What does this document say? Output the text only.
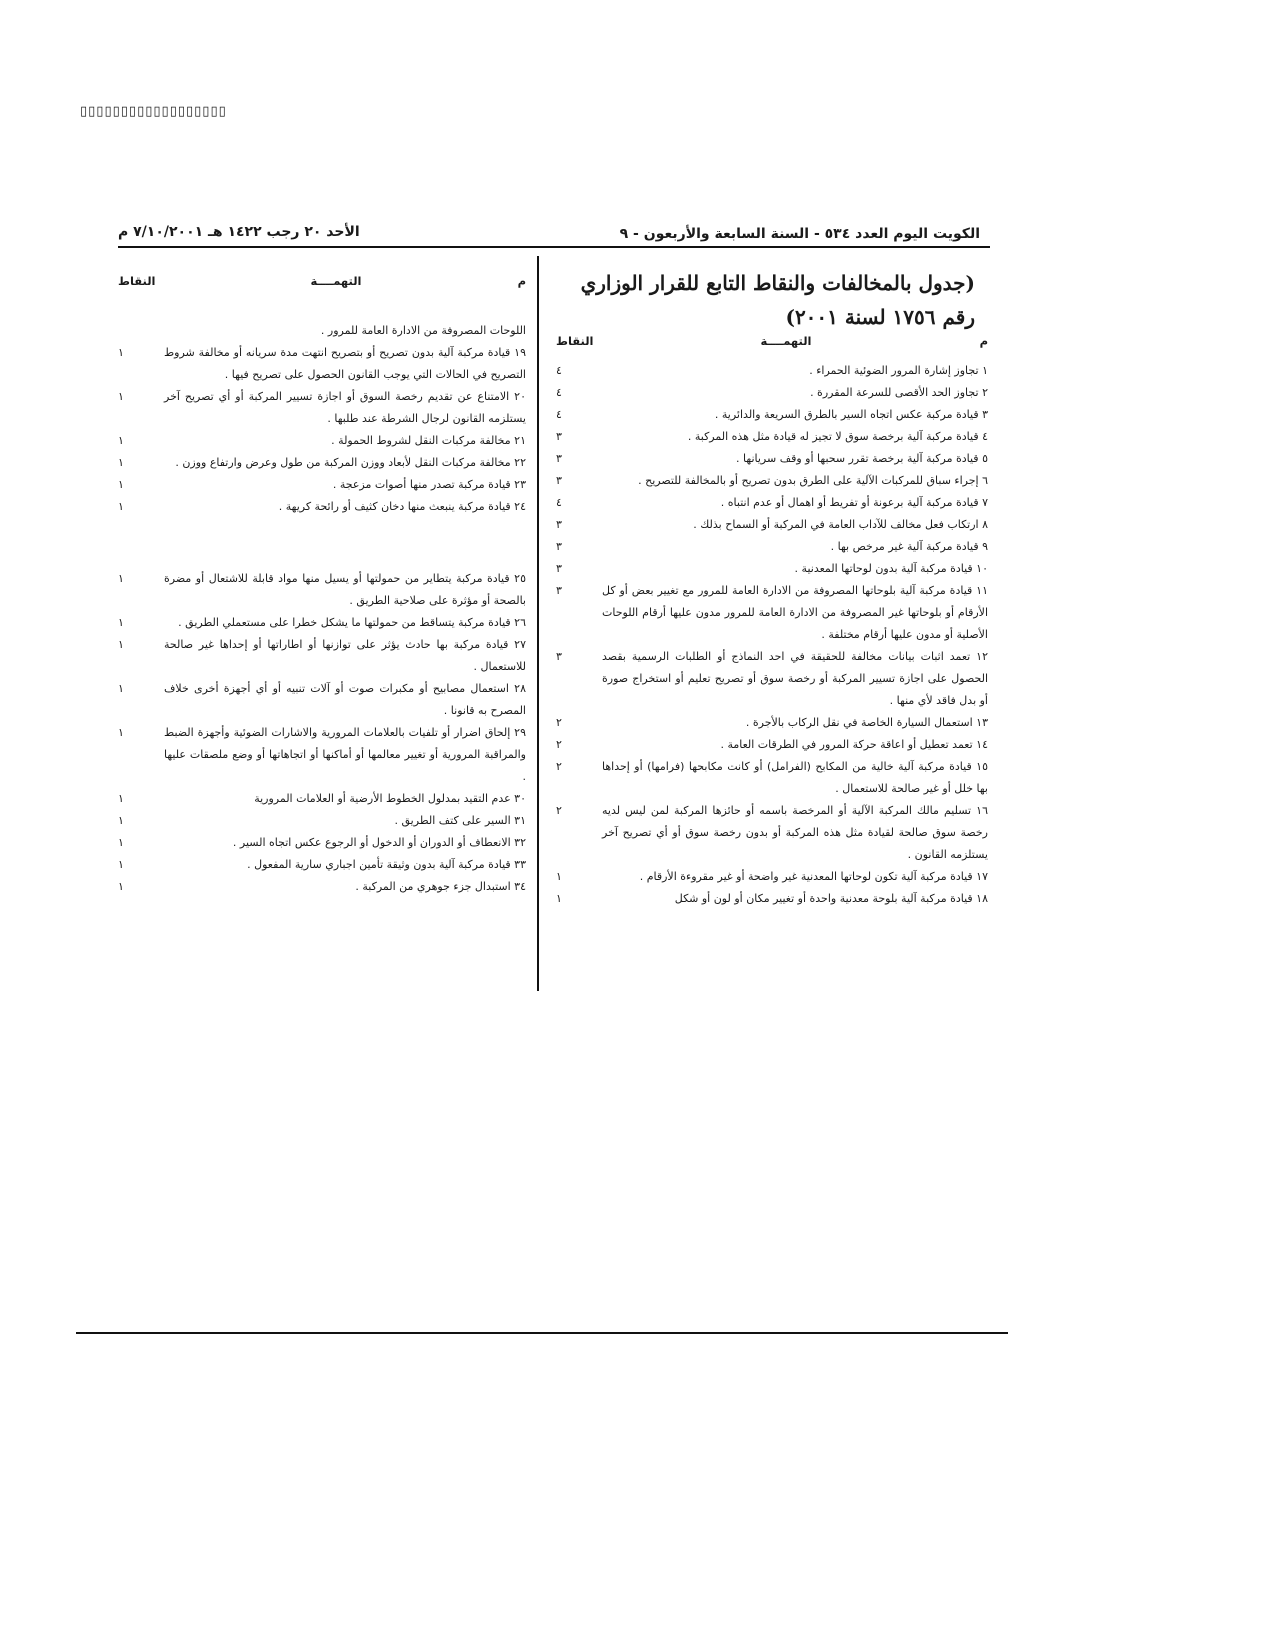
▯▯▯▯▯▯▯▯▯▯▯▯▯▯▯▯▯▯
الكويت اليوم العدد ٥٣٤ - السنة السابعة والأربعون - ٩
الأحد ٢٠ رجب ١٤٢٢ هـ ٧/١٠/٢٠٠١ م
(جدول بالمخالفات والنقاط التابع للقرار الوزاري
رقم ١٧٥٦ لسنة ٢٠٠١)
م
التهمــــة
النقاط
١ تجاوز إشارة المرور الضوئية الحمراء .
٤
٢ تجاوز الحد الأقصى للسرعة المقررة .
٤
٣ قيادة مركبة عكس اتجاه السير بالطرق السريعة والدائرية .
٤
٤ قيادة مركبة آلية برخصة سوق لا تجيز له قيادة مثل هذه المركبة .
٣
٥ قيادة مركبة آلية برخصة تقرر سحبها أو وقف سريانها .
٣
٦ إجراء سباق للمركبات الآلية على الطرق بدون تصريح أو بالمخالفة للتصريح .
٣
٧ قيادة مركبة آلية برعونة أو تفريط أو اهمال أو عدم انتباه .
٤
٨ ارتكاب فعل مخالف للآداب العامة في المركبة أو السماح بذلك .
٣
٩ قيادة مركبة آلية غير مرخص بها .
٣
١٠ قيادة مركبة آلية بدون لوحاتها المعدنية .
٣
١١ قيادة مركبة آلية بلوحاتها المصروفة من الادارة العامة للمرور مع تغيير بعض أو كل الأرقام أو بلوحاتها غير المصروفة من الادارة العامة للمرور مدون عليها أرقام اللوحات الأصلية أو مدون عليها أرقام مختلفة .
٣
١٢ تعمد اثبات بيانات مخالفة للحقيقة في احد النماذج أو الطلبات الرسمية بقصد الحصول على اجازة تسيير المركبة أو رخصة سوق أو تصريح تعليم أو استخراج صورة أو بدل فاقد لأي منها .
٣
١٣ استعمال السيارة الخاصة في نقل الركاب بالأجرة .
٢
١٤ تعمد تعطيل أو اعاقة حركة المرور في الطرقات العامة .
٢
١٥ قيادة مركبة آلية خالية من المكابح (الفرامل) أو كانت مكابحها (فرامها) أو إحداها بها خلل أو غير صالحة للاستعمال .
٢
١٦ تسليم مالك المركبة الآلية أو المرخصة باسمه أو حائزها المركبة لمن ليس لديه رخصة سوق صالحة لقيادة مثل هذه المركبة أو بدون رخصة سوق أو أي تصريح آخر يستلزمه القانون .
٢
١٧ قيادة مركبة آلية تكون لوحاتها المعدنية غير واضحة أو غير مقروءة الأرقام .
١
١٨ قيادة مركبة آلية بلوحة معدنية واحدة أو تغيير مكان أو لون أو شكل
١
م
التهمــــة
النقاط
اللوحات المصروفة من الادارة العامة للمرور .
١٩ قيادة مركبة آلية بدون تصريح أو بتصريح انتهت مدة سريانه أو مخالفة شروط التصريح في الحالات التي يوجب القانون الحصول على تصريح فيها .
١
٢٠ الامتناع عن تقديم رخصة السوق أو اجازة تسيير المركبة أو أي تصريح آخر يستلزمه القانون لرجال الشرطة عند طلبها .
١
٢١ مخالفة مركبات النقل لشروط الحمولة .
١
٢٢ مخالفة مركبات النقل لأبعاد ووزن المركبة من طول وعرض وارتفاع ووزن .
١
٢٣ قيادة مركبة تصدر منها أصوات مزعجة .
١
٢٤ قيادة مركبة ينبعث منها دخان كثيف أو رائحة كريهة .
١
٢٥ قيادة مركبة يتطاير من حمولتها أو يسيل منها مواد قابلة للاشتعال أو مضرة بالصحة أو مؤثرة على صلاحية الطريق .
١
٢٦ قيادة مركبة يتساقط من حمولتها ما يشكل خطرا على مستعملي الطريق .
١
٢٧ قيادة مركبة بها حادث يؤثر على توازنها أو اطاراتها أو إحداها غير صالحة للاستعمال .
١
٢٨ استعمال مصابيح أو مكبرات صوت أو آلات تنبيه أو أي أجهزة أخرى خلاف المصرح به قانونا .
١
٢٩ إلحاق اضرار أو تلفيات بالعلامات المرورية والاشارات الضوئية وأجهزة الضبط والمراقبة المرورية أو تغيير معالمها أو أماكنها أو اتجاهاتها أو وضع ملصقات عليها .
١
٣٠ عدم التقيد بمدلول الخطوط الأرضية أو العلامات المرورية
١
٣١ السير على كتف الطريق .
١
٣٢ الانعطاف أو الدوران أو الدخول أو الرجوع عكس اتجاه السير .
١
٣٣ قيادة مركبة آلية بدون وثيقة تأمين اجباري سارية المفعول .
١
٣٤ استبدال جزء جوهري من المركبة .
١
